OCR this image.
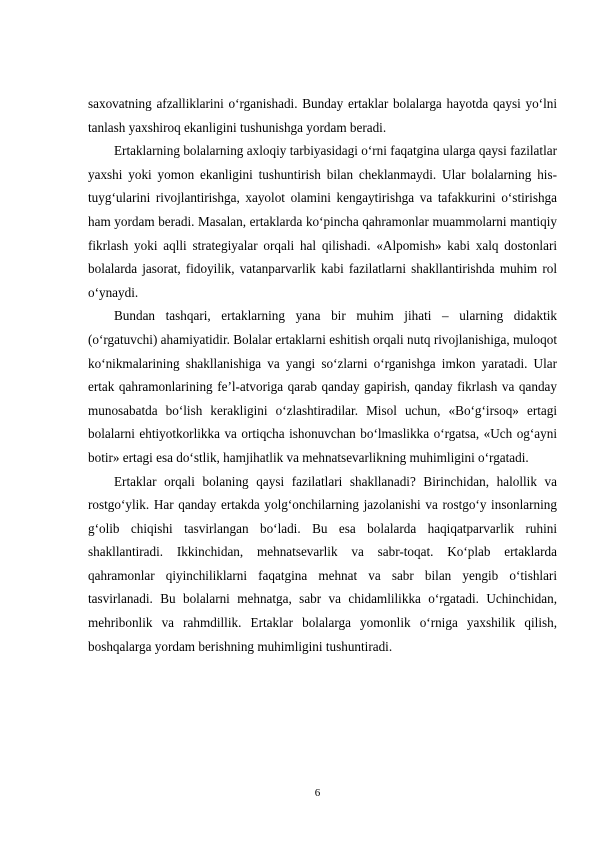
saxovatning afzalliklarini o‘rganishadi. Bunday ertaklar bolalarga hayotda qaysi yo‘lni tanlash yaxshiroq ekanligini tushunishga yordam beradi.

Ertaklarning bolalarning axloqiy tarbiyasidagi o‘rni faqatgina ularga qaysi fazilatlar yaxshi yoki yomon ekanligini tushuntirish bilan cheklanmaydi. Ular bolalarning his-tuyg‘ularini rivojlantirishga, xayolot olamini kengaytirishga va tafakkurini o‘stirishga ham yordam beradi. Masalan, ertaklarda ko‘pincha qahramonlar muammolarni mantiqiy fikrlash yoki aqlli strategiyalar orqali hal qilishadi. «Alpomish» kabi xalq dostonlari bolalarda jasorat, fidoyilik, vatanparvarlik kabi fazilatlarni shakllantirishda muhim rol o‘ynaydi.

Bundan tashqari, ertaklarning yana bir muhim jihati – ularning didaktik (o‘rgatuvchi) ahamiyatidir. Bolalar ertaklarni eshitish orqali nutq rivojlanishiga, muloqot ko‘nikmalarining shakllanishiga va yangi so‘zlarni o‘rganishga imkon yaratadi. Ular ertak qahramonlarining fe’l-atvoriga qarab qanday gapirish, qanday fikrlash va qanday munosabatda bo‘lish kerakligini o‘zlashtiradilar. Misol uchun, «Bo‘g‘irsoq» ertagi bolalarni ehtiyotkorlikka va ortiqcha ishonuvchan bo‘lmaslikka o‘rgatsa, «Uch og‘ayni botir» ertagi esa do‘stlik, hamjihatlik va mehnatsevarlikning muhimligini o‘rgatadi.

Ertaklar orqali bolaning qaysi fazilatlari shakllanadi? Birinchidan, halollik va rostgo‘ylik. Har qanday ertakda yolg‘onchilarning jazolanishi va rostgo‘y insonlarning g‘olib chiqishi tasvirlangan bo‘ladi. Bu esa bolalarda haqiqatparvarlik ruhini shakllantiradi. Ikkinchidan, mehnatsevarlik va sabr-toqat. Ko‘plab ertaklarda qahramonlar qiyinchiliklarni faqatgina mehnat va sabr bilan yengib o‘tishlari tasvirlanadi. Bu bolalarni mehnatga, sabr va chidamlilikka o‘rgatadi. Uchinchidan, mehribonlik va rahmdillik. Ertaklar bolalarga yomonlik o‘rniga yaxshilik qilish, boshqalarga yordam berishning muhimligini tushuntiradi.

6
